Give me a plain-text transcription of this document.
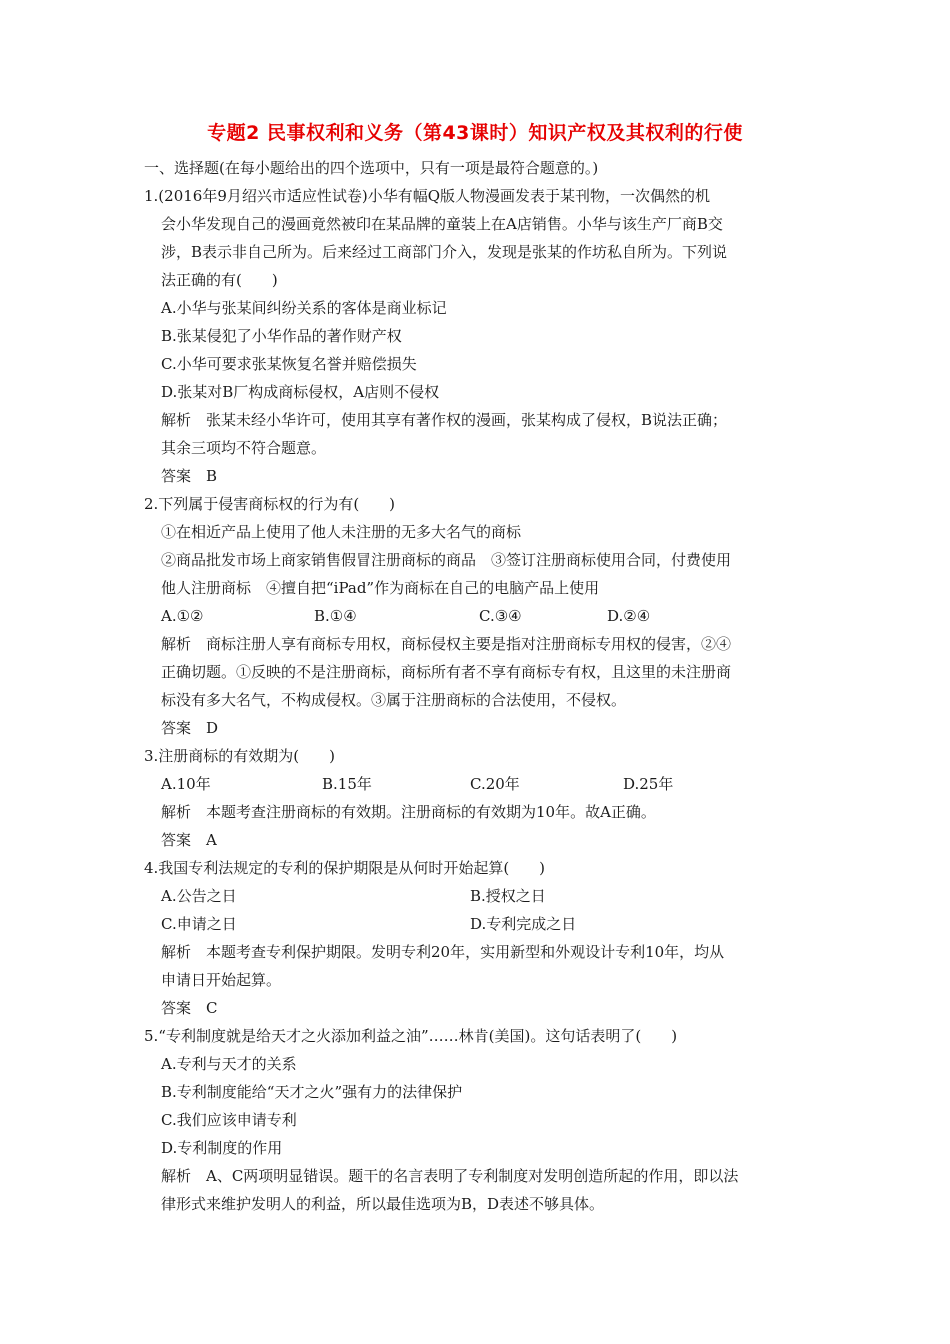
专题2 民事权利和义务（第43课时）知识产权及其权利的行使
一、选择题(在每小题给出的四个选项中，只有一项是最符合题意的。)
1.(2016年9月绍兴市适应性试卷)小华有幅Q版人物漫画发表于某刊物，一次偶然的机
会小华发现自己的漫画竟然被印在某品牌的童装上在A店销售。小华与该生产厂商B交
涉，B表示非自己所为。后来经过工商部门介入，发现是张某的作坊私自所为。下列说
法正确的有(　　)
A.小华与张某间纠纷关系的客体是商业标记
B.张某侵犯了小华作品的著作财产权
C.小华可要求张某恢复名誉并赔偿损失
D.张某对B厂构成商标侵权，A店则不侵权
解析　张某未经小华许可，使用其享有著作权的漫画，张某构成了侵权，B说法正确；
其余三项均不符合题意。
答案　B
2.下列属于侵害商标权的行为有(　　)
①在相近产品上使用了他人未注册的无多大名气的商标
②商品批发市场上商家销售假冒注册商标的商品　③签订注册商标使用合同，付费使用
他人注册商标　④擅自把“iPad”作为商标在自己的电脑产品上使用
A.①②	B.①④	C.③④	D.②④
解析　商标注册人享有商标专用权，商标侵权主要是指对注册商标专用权的侵害，②④
正确切题。①反映的不是注册商标，商标所有者不享有商标专有权，且这里的未注册商
标没有多大名气，不构成侵权。③属于注册商标的合法使用，不侵权。
答案　D
3.注册商标的有效期为(　　)
A.10年	B.15年	C.20年	D.25年
解析　本题考查注册商标的有效期。注册商标的有效期为10年。故A正确。
答案　A
4.我国专利法规定的专利的保护期限是从何时开始起算(　　)
A.公告之日	B.授权之日
C.申请之日	D.专利完成之日
解析　本题考查专利保护期限。发明专利20年，实用新型和外观设计专利10年，均从
申请日开始起算。
答案　C
5.“专利制度就是给天才之火添加利益之油”……林肯(美国)。这句话表明了(　　)
A.专利与天才的关系
B.专利制度能给“天才之火”强有力的法律保护
C.我们应该申请专利
D.专利制度的作用
解析　A、C两项明显错误。题干的名言表明了专利制度对发明创造所起的作用，即以法
律形式来维护发明人的利益，所以最佳选项为B，D表述不够具体。
